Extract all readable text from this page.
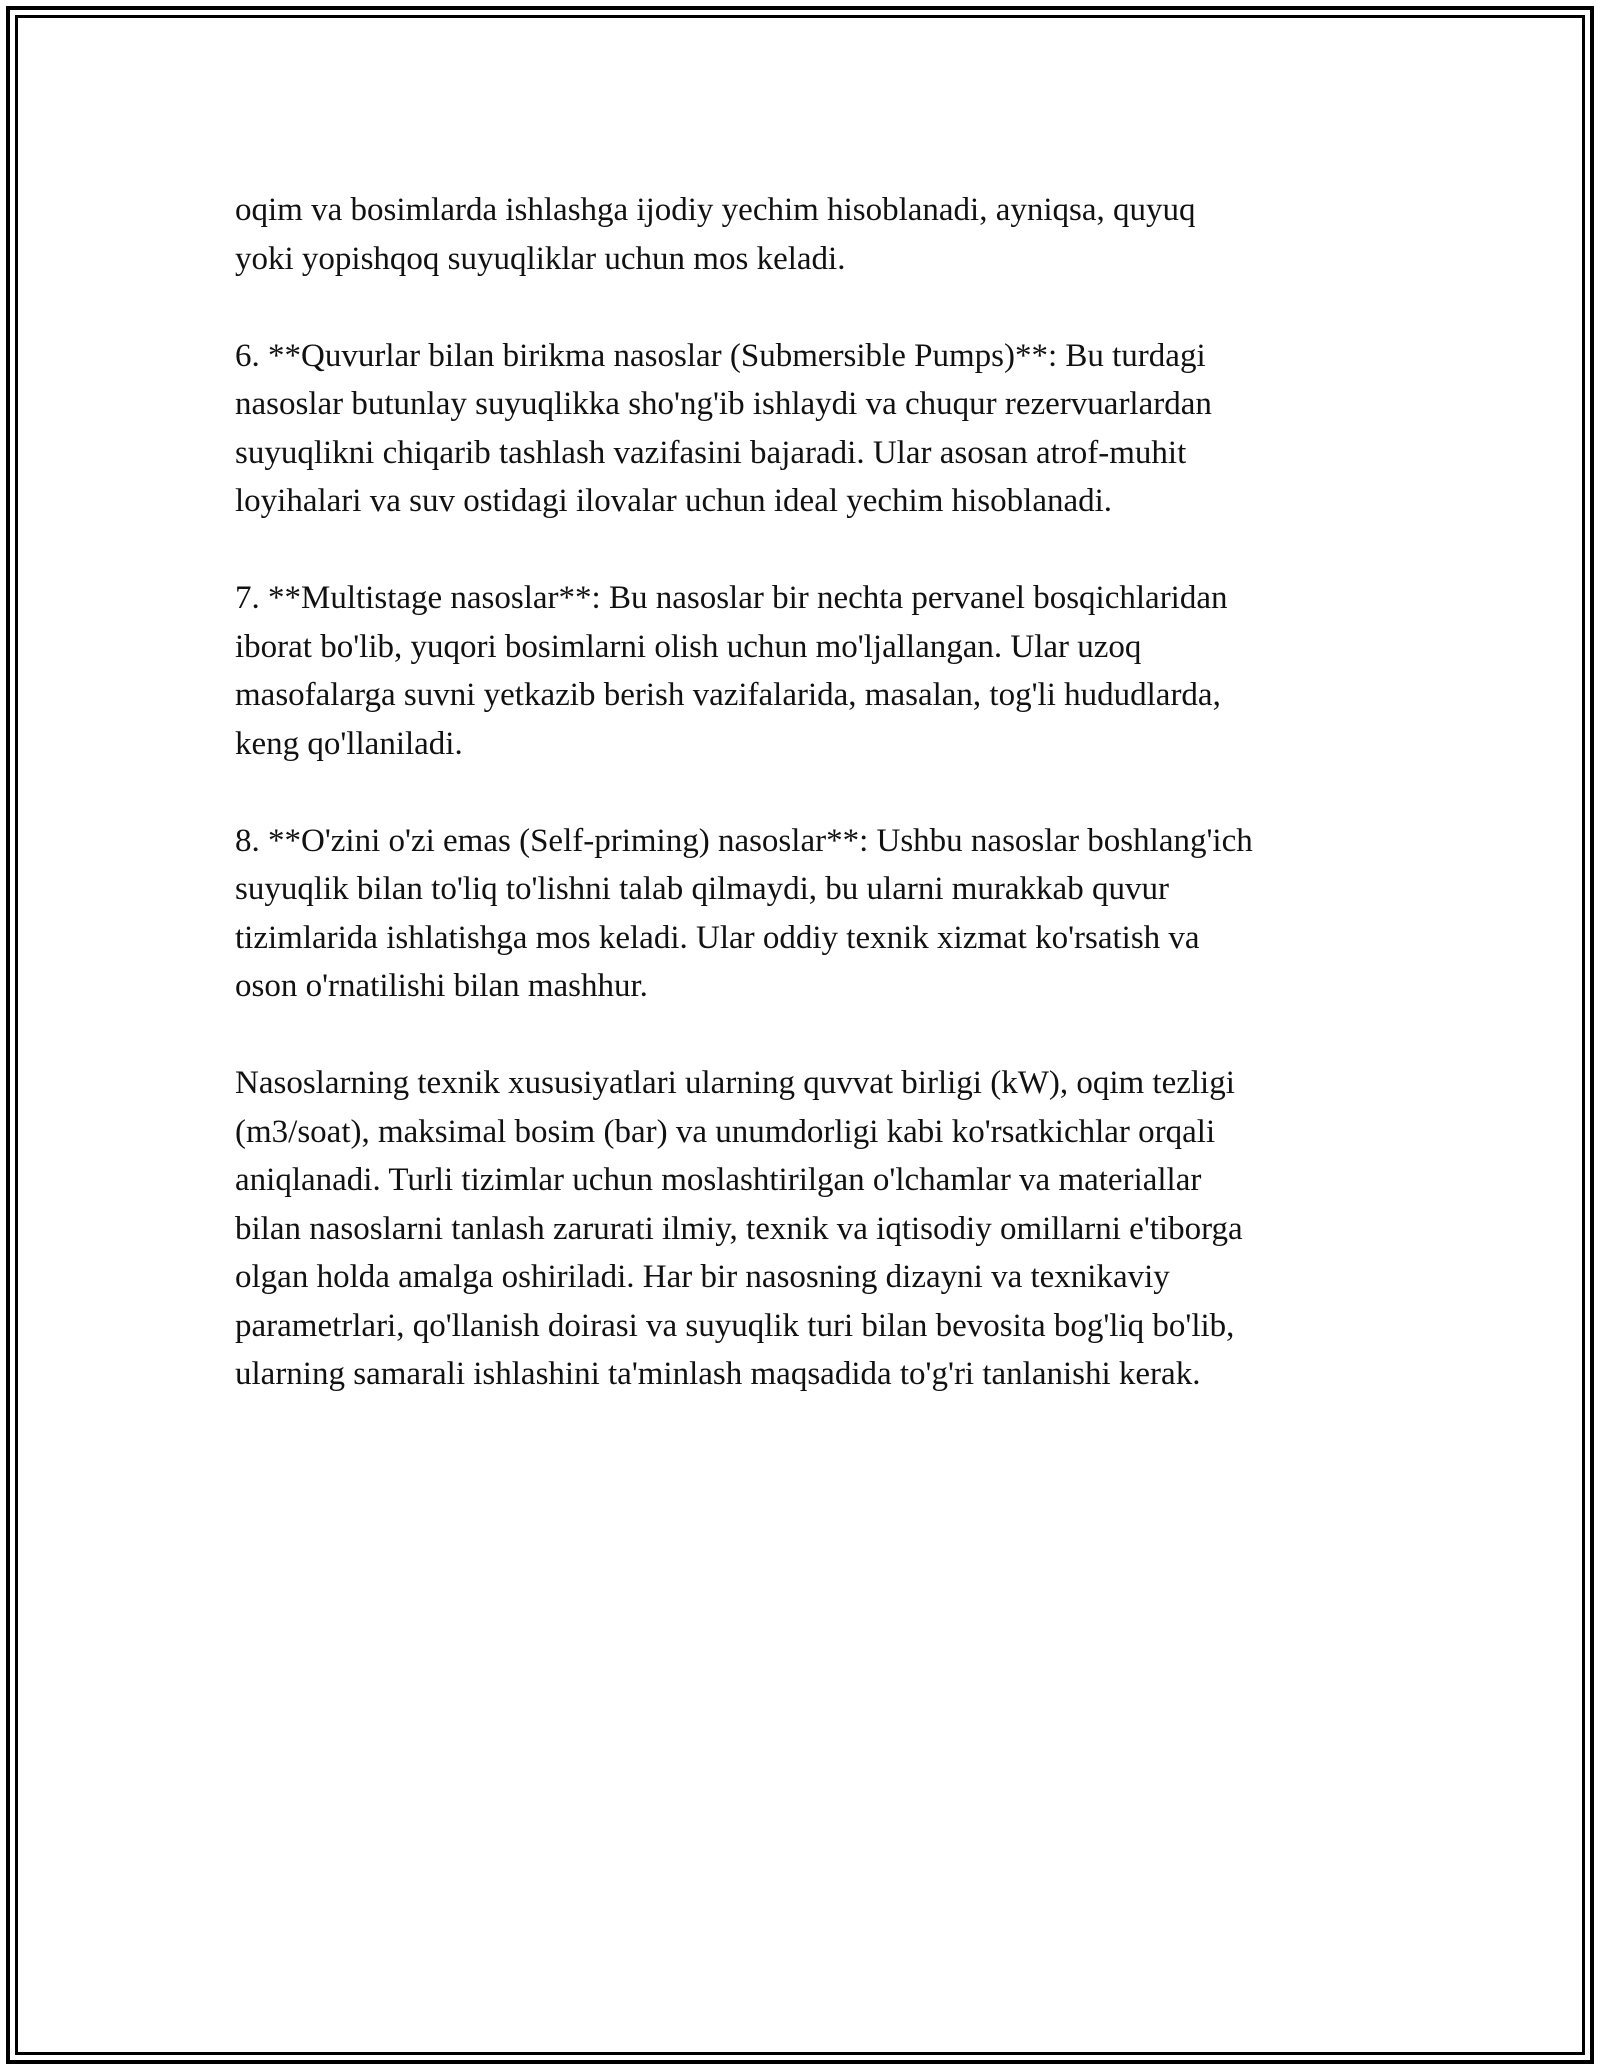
oqim va bosimlarda ishlashga ijodiy yechim hisoblanadi, ayniqsa, quyuq
yoki yopishqoq suyuqliklar uchun mos keladi.

6. **Quvurlar bilan birikma nasoslar (Submersible Pumps)**: Bu turdagi
nasoslar butunlay suyuqlikka sho'ng'ib ishlaydi va chuqur rezervuarlardan
suyuqlikni chiqarib tashlash vazifasini bajaradi. Ular asosan atrof-muhit
loyihalari va suv ostidagi ilovalar uchun ideal yechim hisoblanadi.

7. **Multistage nasoslar**: Bu nasoslar bir nechta pervanel bosqichlaridan
iborat bo'lib, yuqori bosimlarni olish uchun mo'ljallangan. Ular uzoq
masofalarga suvni yetkazib berish vazifalarida, masalan, tog'li hududlarda,
keng qo'llaniladi.

8. **O'zini o'zi emas (Self-priming) nasoslar**: Ushbu nasoslar boshlang'ich
suyuqlik bilan to'liq to'lishni talab qilmaydi, bu ularni murakkab quvur
tizimlarida ishlatishga mos keladi. Ular oddiy texnik xizmat ko'rsatish va
oson o'rnatilishi bilan mashhur.

Nasoslarning texnik xususiyatlari ularning quvvat birligi (kW), oqim tezligi
(m3/soat), maksimal bosim (bar) va unumdorligi kabi ko'rsatkichlar orqali
aniqlanadi. Turli tizimlar uchun moslashtirilgan o'lchamlar va materiallar
bilan nasoslarni tanlash zarurati ilmiy, texnik va iqtisodiy omillarni e'tiborga
olgan holda amalga oshiriladi. Har bir nasosning dizayni va texnikaviy
parametrlari, qo'llanish doirasi va suyuqlik turi bilan bevosita bog'liq bo'lib,
ularning samarali ishlashini ta'minlash maqsadida to'g'ri tanlanishi kerak.
